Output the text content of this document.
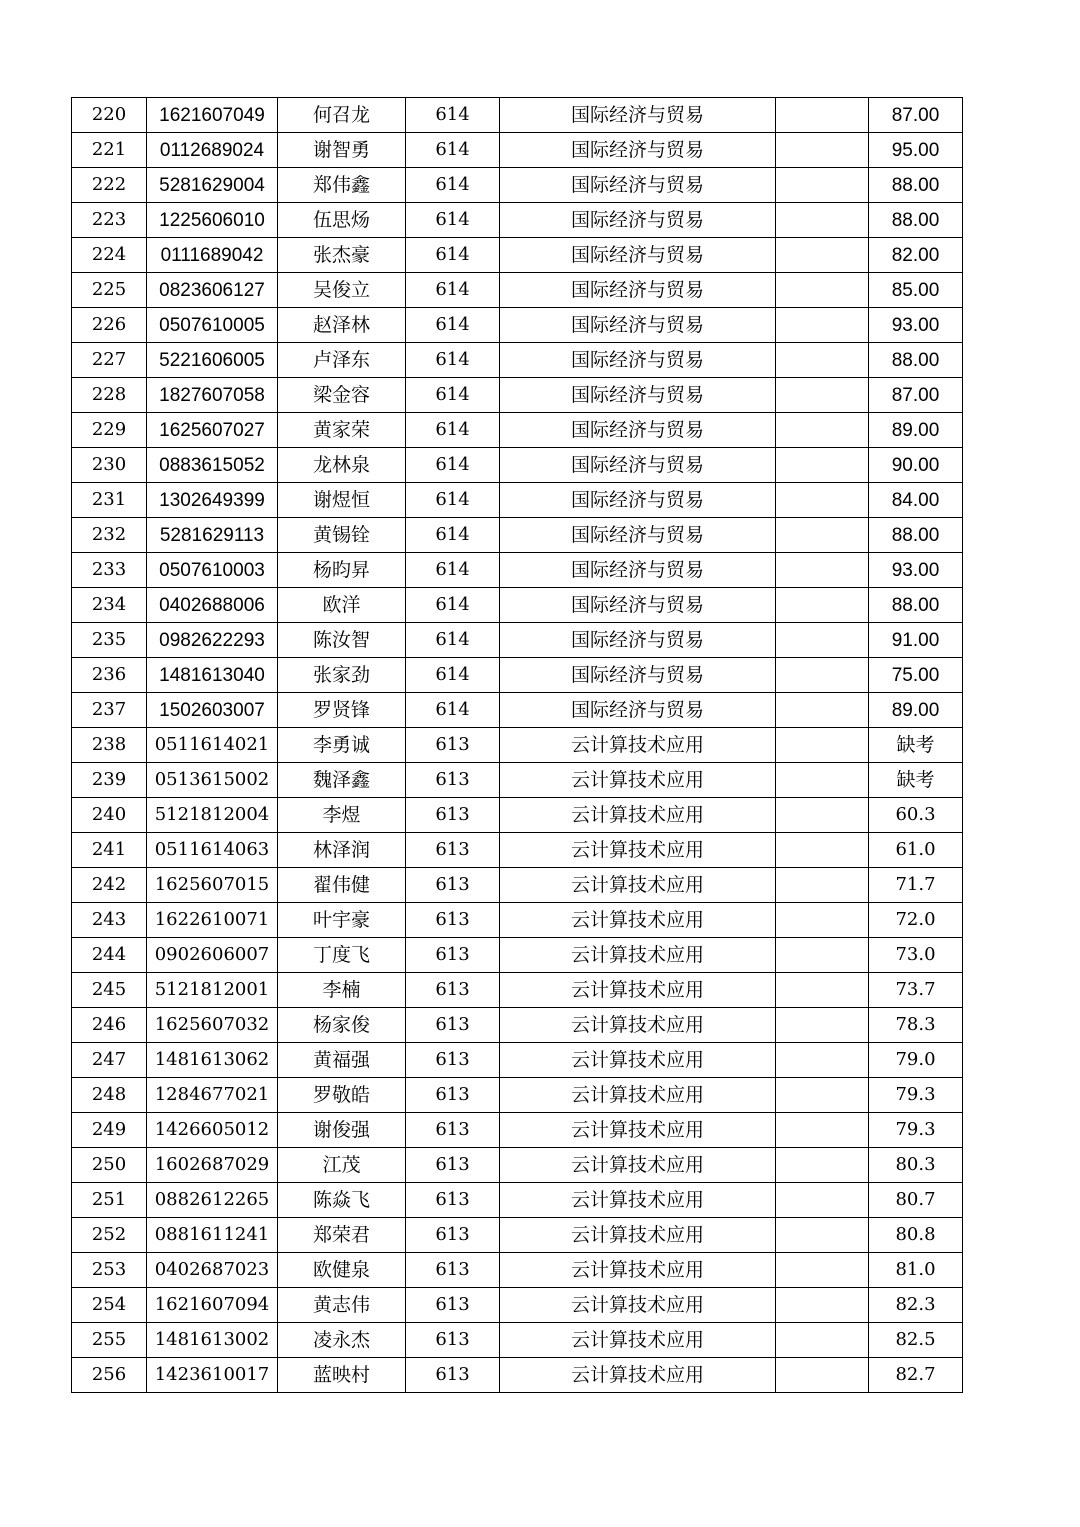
220	1621607049	何召龙	614	国际经济与贸易		87.00
221	0112689024	谢智勇	614	国际经济与贸易		95.00
222	5281629004	郑伟鑫	614	国际经济与贸易		88.00
223	1225606010	伍思炀	614	国际经济与贸易		88.00
224	0111689042	张杰豪	614	国际经济与贸易		82.00
225	0823606127	吴俊立	614	国际经济与贸易		85.00
226	0507610005	赵泽林	614	国际经济与贸易		93.00
227	5221606005	卢泽东	614	国际经济与贸易		88.00
228	1827607058	梁金容	614	国际经济与贸易		87.00
229	1625607027	黄家荣	614	国际经济与贸易		89.00
230	0883615052	龙林泉	614	国际经济与贸易		90.00
231	1302649399	谢煜恒	614	国际经济与贸易		84.00
232	5281629113	黄锡铨	614	国际经济与贸易		88.00
233	0507610003	杨昀昇	614	国际经济与贸易		93.00
234	0402688006	欧洋	614	国际经济与贸易		88.00
235	0982622293	陈汝智	614	国际经济与贸易		91.00
236	1481613040	张家劲	614	国际经济与贸易		75.00
237	1502603007	罗贤锋	614	国际经济与贸易		89.00
238	0511614021	李勇诚	613	云计算技术应用		缺考
239	0513615002	魏泽鑫	613	云计算技术应用		缺考
240	5121812004	李煜	613	云计算技术应用		60.3
241	0511614063	林泽润	613	云计算技术应用		61.0
242	1625607015	翟伟健	613	云计算技术应用		71.7
243	1622610071	叶宇豪	613	云计算技术应用		72.0
244	0902606007	丁度飞	613	云计算技术应用		73.0
245	5121812001	李楠	613	云计算技术应用		73.7
246	1625607032	杨家俊	613	云计算技术应用		78.3
247	1481613062	黄福强	613	云计算技术应用		79.0
248	1284677021	罗敬皓	613	云计算技术应用		79.3
249	1426605012	谢俊强	613	云计算技术应用		79.3
250	1602687029	江茂	613	云计算技术应用		80.3
251	0882612265	陈焱飞	613	云计算技术应用		80.7
252	0881611241	郑荣君	613	云计算技术应用		80.8
253	0402687023	欧健泉	613	云计算技术应用		81.0
254	1621607094	黄志伟	613	云计算技术应用		82.3
255	1481613002	凌永杰	613	云计算技术应用		82.5
256	1423610017	蓝映村	613	云计算技术应用		82.7
